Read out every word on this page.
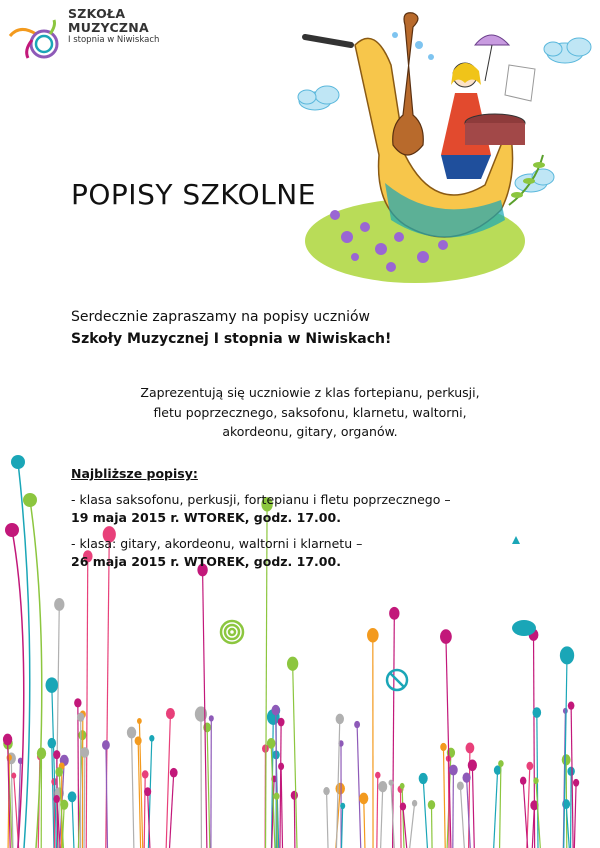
SZKOŁA
MUZYCZNA
I stopnia w Niwiskach
POPISY SZKOLNE
Serdecznie zapraszamy na popisy uczniów
Szkoły Muzycznej I stopnia w Niwiskach!
Zaprezentują się uczniowie z klas fortepianu, perkusji,
fletu poprzecznego, saksofonu, klarnetu, waltorni,
akordeonu, gitary, organów.
Najbliższe popisy:
- klasa saksofonu, perkusji, fortepianu i fletu poprzecznego –
19 maja 2015 r. WTOREK, godz. 17.00.
- klasa: gitary, akordeonu, waltorni i klarnetu –
26 maja 2015 r. WTOREK, godz. 17.00.
